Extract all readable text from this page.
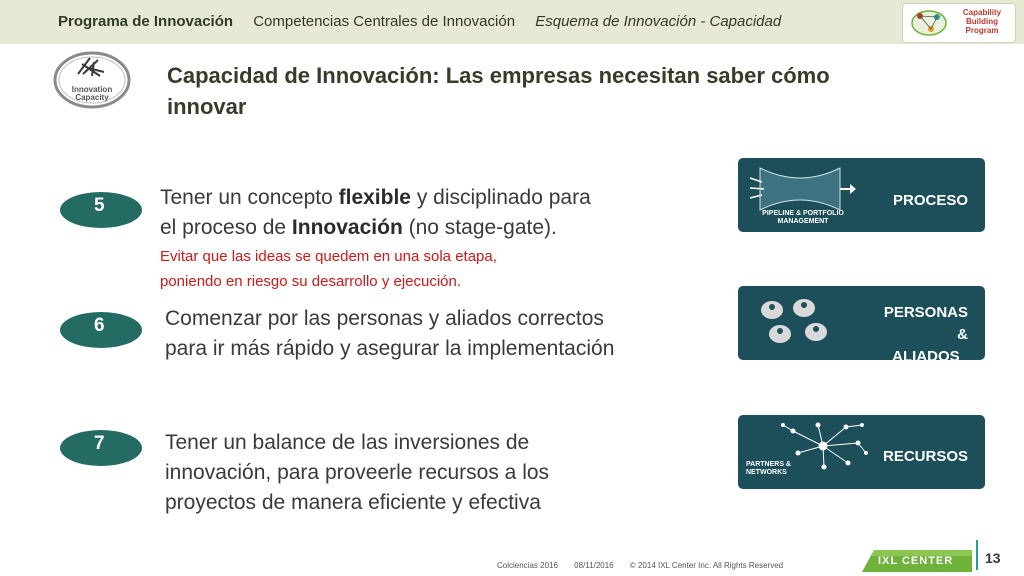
Programa de Innovación Competencias Centrales de Innovación Esquema de Innovación - Capacidad
Capability
Building
Program
Innovation
Capacity
Capacidad de Innovación: Las empresas necesitan saber cómo
innovar
5	Tener un concepto flexible y disciplinado para
el proceso de Innovación (no stage-gate).
Evitar que las ideas se quedem en una sola etapa,
poniendo en riesgo su desarrollo y ejecución.
6	Comenzar por las personas y aliados correctos
para ir más rápido y asegurar la implementación
7	Tener un balance de las inversiones de
innovación, para proveerle recursos a los
proyectos de manera eficiente y efectiva
PIPELINE & PORTFOLIO
MANAGEMENT
PROCESO
PERSONAS
&
ALIADOS
PARTNERS &
NETWORKS
RECURSOS
Colciencias 2016 08/11/2016 © 2014 IXL Center Inc. All Rights Reserved	IXL CENTER 13
